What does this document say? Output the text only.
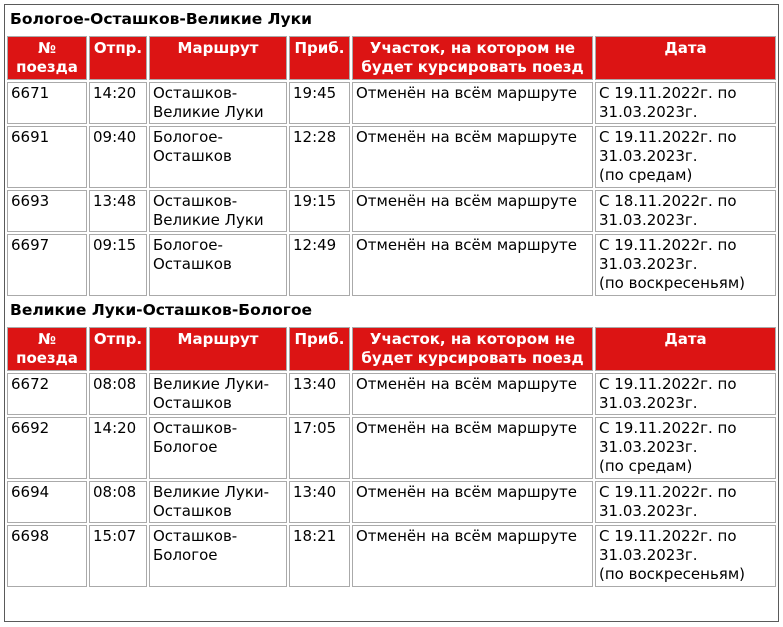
Бологое-Осташков-Великие Луки					
№ поезда	Отпр.	Маршрут	Приб.	Участок, на котором не будет курсировать поезд	Дата
6671	14:20	Осташков-Великие Луки	19:45	Отменён на всём маршруте	С 19.11.2022г. по
31.03.2023г.

6691	09:40	Бологое-Осташков	12:28	Отменён на всём маршруте	С 19.11.2022г. по
31.03.2023г.
(по средам)

6693	13:48	Осташков-Великие Луки	19:15	Отменён на всём маршруте	С 18.11.2022г. по
31.03.2023г.

6697	09:15	Бологое-Осташков	12:49	Отменён на всём маршруте	С 19.11.2022г. по
31.03.2023г.
(по воскресеньям)

Великие Луки-Осташков-Бологое					
№ поезда	Отпр.	Маршрут	Приб.	Участок, на котором не будет курсировать поезд	Дата
6672	08:08	Великие Луки-Осташков	13:40	Отменён на всём маршруте	С 19.11.2022г. по
31.03.2023г.

6692	14:20	Осташков-Бологое	17:05	Отменён на всём маршруте	С 19.11.2022г. по
31.03.2023г.
(по средам)

6694	08:08	Великие Луки-Осташков	13:40	Отменён на всём маршруте	С 19.11.2022г. по
31.03.2023г.

6698	15:07	Осташков-Бологое	18:21	Отменён на всём маршруте	С 19.11.2022г. по
31.03.2023г.
(по воскресеньям)
